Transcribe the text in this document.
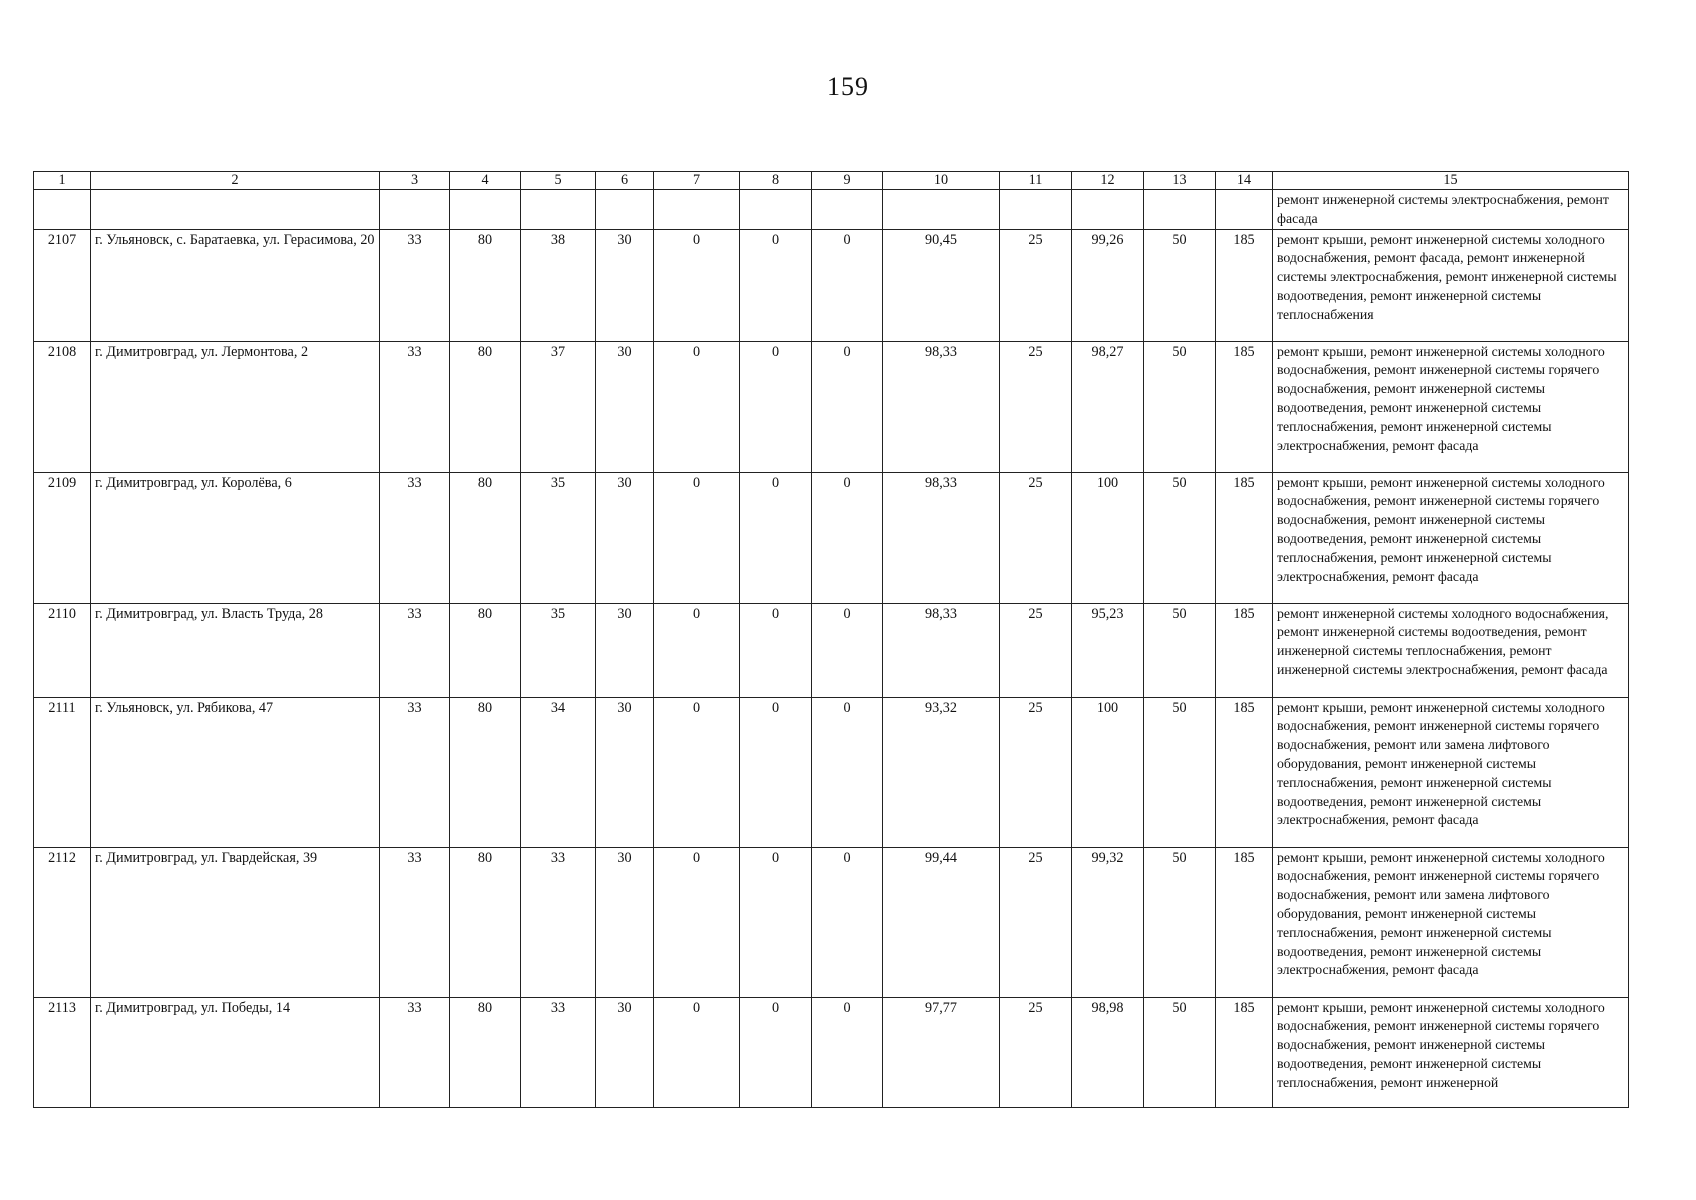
159
1	2	3	4	5	6	7	8	9	10	11	12	13	14	15
														ремонт инженерной системы электроснабжения, ремонт фасада
2107	г. Ульяновск, с. Баратаевка, ул. Герасимова, 20	33	80	38	30	0	0	0	90,45	25	99,26	50	185	ремонт крыши, ремонт инженерной системы холодного водоснабжения, ремонт фасада, ремонт инженерной системы электроснабжения, ремонт инженерной системы водоотведения, ремонт инженерной системы теплоснабжения
2108	г. Димитровград, ул. Лермонтова, 2	33	80	37	30	0	0	0	98,33	25	98,27	50	185	ремонт крыши, ремонт инженерной системы холодного водоснабжения, ремонт инженерной системы горячего водоснабжения, ремонт инженерной системы водоотведения, ремонт инженерной системы теплоснабжения, ремонт инженерной системы электроснабжения, ремонт фасада
2109	г. Димитровград, ул. Королёва, 6	33	80	35	30	0	0	0	98,33	25	100	50	185	ремонт крыши, ремонт инженерной системы холодного водоснабжения, ремонт инженерной системы горячего водоснабжения, ремонт инженерной системы водоотведения, ремонт инженерной системы теплоснабжения, ремонт инженерной системы электроснабжения, ремонт фасада
2110	г. Димитровград, ул. Власть Труда, 28	33	80	35	30	0	0	0	98,33	25	95,23	50	185	ремонт инженерной системы холодного водоснабжения, ремонт инженерной системы водоотведения, ремонт инженерной системы теплоснабжения, ремонт инженерной системы электроснабжения, ремонт фасада
2111	г. Ульяновск, ул. Рябикова, 47	33	80	34	30	0	0	0	93,32	25	100	50	185	ремонт крыши, ремонт инженерной системы холодного водоснабжения, ремонт инженерной системы горячего водоснабжения, ремонт или замена лифтового оборудования, ремонт инженерной системы теплоснабжения, ремонт инженерной системы водоотведения, ремонт инженерной системы электроснабжения, ремонт фасада
2112	г. Димитровград, ул. Гвардейская, 39	33	80	33	30	0	0	0	99,44	25	99,32	50	185	ремонт крыши, ремонт инженерной системы холодного водоснабжения, ремонт инженерной системы горячего водоснабжения, ремонт или замена лифтового оборудования, ремонт инженерной системы теплоснабжения, ремонт инженерной системы водоотведения, ремонт инженерной системы электроснабжения, ремонт фасада
2113	г. Димитровград, ул. Победы, 14	33	80	33	30	0	0	0	97,77	25	98,98	50	185	ремонт крыши, ремонт инженерной системы холодного водоснабжения, ремонт инженерной системы горячего водоснабжения, ремонт инженерной системы водоотведения, ремонт инженерной системы теплоснабжения, ремонт инженерной
